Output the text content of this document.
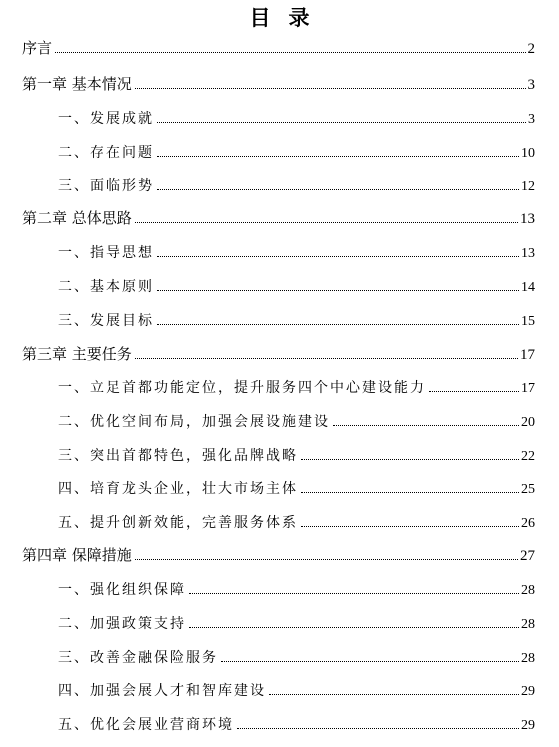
目录
序言	2
第一章 基本情况	3
一、发展成就	3
二、存在问题	10
三、面临形势	12
第二章 总体思路	13
一、指导思想	13
二、基本原则	14
三、发展目标	15
第三章 主要任务	17
一、立足首都功能定位，提升服务四个中心建设能力	17
二、优化空间布局，加强会展设施建设	20
三、突出首都特色，强化品牌战略	22
四、培育龙头企业，壮大市场主体	25
五、提升创新效能，完善服务体系	26
第四章 保障措施	27
一、强化组织保障	28
二、加强政策支持	28
三、改善金融保险服务	28
四、加强会展人才和智库建设	29
五、优化会展业营商环境	29
